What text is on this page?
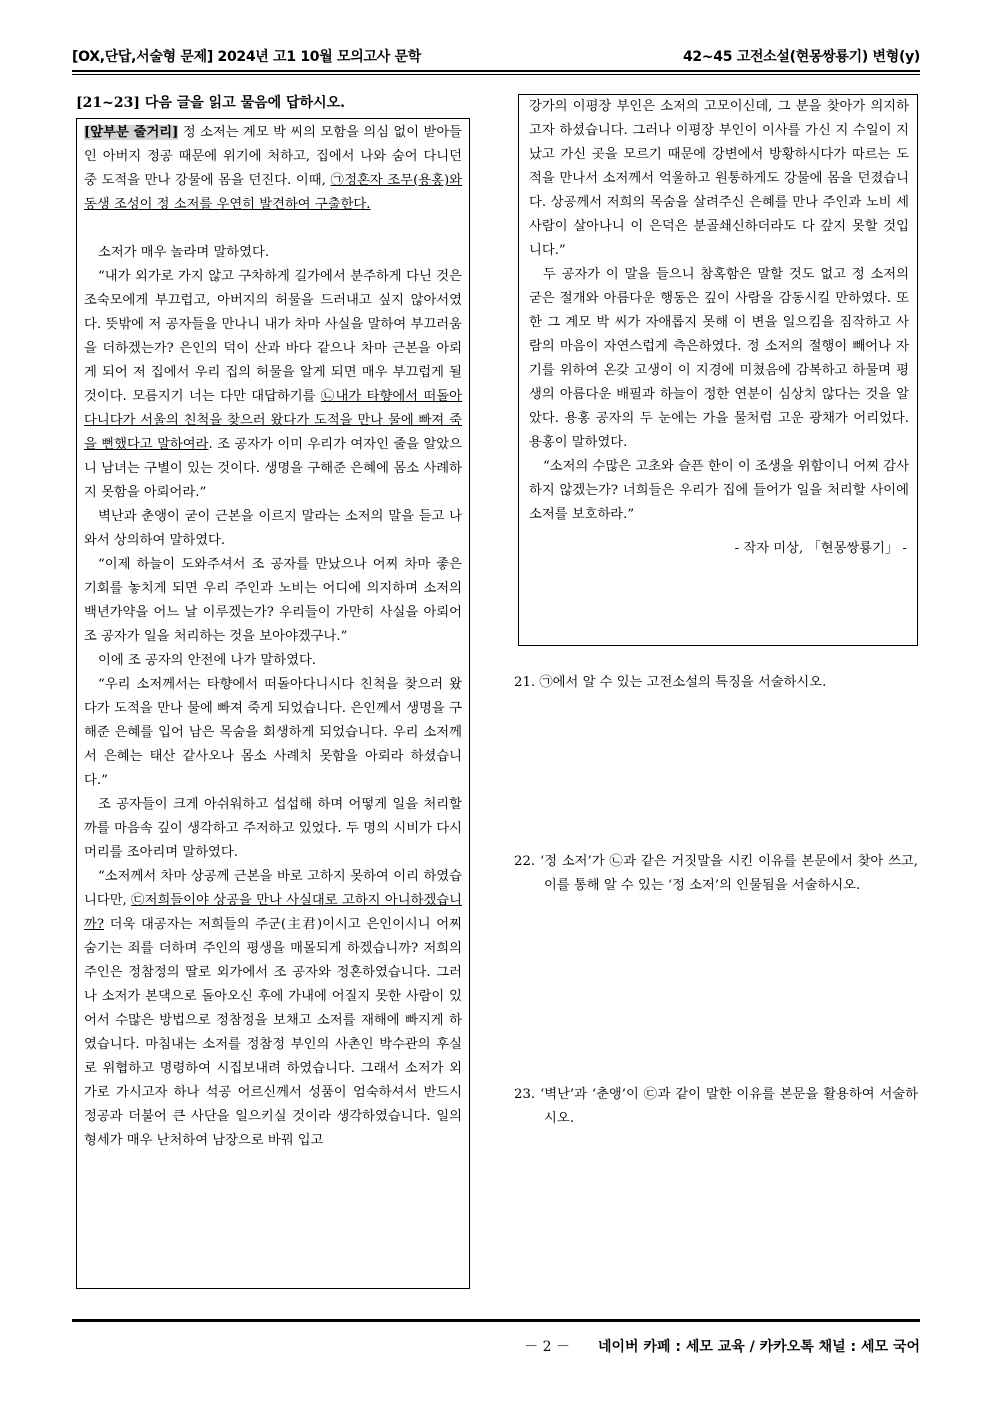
[OX,단답,서술형 문제] 2024년 고1 10월 모의고사 문학	42~45 고전소설(현몽쌍룡기) 변형(y)
[21~23] 다음 글을 읽고 물음에 답하시오.

[앞부분 줄거리] 정 소저는 계모 박 씨의 모함을 의심 없이 받아들인 아버지 정공 때문에 위기에 처하고, 집에서 나와 숨어 다니던 중 도적을 만나 강물에 몸을 던진다. 이때, ㉠정혼자 조무(용홍)와 동생 조성이 정 소저를 우연히 발견하여 구출한다.

소저가 매우 놀라며 말하였다.

“내가 외가로 가지 않고 구차하게 길가에서 분주하게 다닌 것은 조숙모에게 부끄럽고, 아버지의 허물을 드러내고 싶지 않아서였다. 뜻밖에 저 공자들을 만나니 내가 차마 사실을 말하여 부끄러움을 더하겠는가? 은인의 덕이 산과 바다 같으나 차마 근본을 아뢰게 되어 저 집에서 우리 집의 허물을 알게 되면 매우 부끄럽게 될 것이다. 모름지기 너는 다만 대답하기를 ㉡내가 타향에서 떠돌아다니다가 서울의 친척을 찾으러 왔다가 도적을 만나 물에 빠져 죽을 뻔했다고 말하여라. 조 공자가 이미 우리가 여자인 줄을 알았으니 남녀는 구별이 있는 것이다. 생명을 구해준 은혜에 몸소 사례하지 못함을 아뢰어라.”

벽난과 춘앵이 굳이 근본을 이르지 말라는 소저의 말을 듣고 나와서 상의하여 말하였다.

“이제 하늘이 도와주셔서 조 공자를 만났으나 어찌 차마 좋은 기회를 놓치게 되면 우리 주인과 노비는 어디에 의지하며 소저의 백년가약을 어느 날 이루겠는가? 우리들이 가만히 사실을 아뢰어 조 공자가 일을 처리하는 것을 보아야겠구나.”

이에 조 공자의 안전에 나가 말하였다.

“우리 소저께서는 타향에서 떠돌아다니시다 친척을 찾으러 왔다가 도적을 만나 물에 빠져 죽게 되었습니다. 은인께서 생명을 구해준 은혜를 입어 남은 목숨을 회생하게 되었습니다. 우리 소저께서 은혜는 태산 같사오나 몸소 사례치 못함을 아뢰라 하셨습니다.”

조 공자들이 크게 아쉬워하고 섭섭해 하며 어떻게 일을 처리할까를 마음속 깊이 생각하고 주저하고 있었다. 두 명의 시비가 다시 머리를 조아리며 말하였다.

“소저께서 차마 상공께 근본을 바로 고하지 못하여 이리 하였습니다만, ㉢저희들이야 상공을 만나 사실대로 고하지 아니하겠습니까? 더욱 대공자는 저희들의 주군(主君)이시고 은인이시니 어찌 숨기는 죄를 더하며 주인의 평생을 매몰되게 하겠습니까? 저희의 주인은 정참정의 딸로 외가에서 조 공자와 정혼하였습니다. 그러나 소저가 본댁으로 돌아오신 후에 가내에 어질지 못한 사람이 있어서 수많은 방법으로 정참정을 보채고 소저를 재해에 빠지게 하였습니다. 마침내는 소저를 정참정 부인의 사촌인 박수관의 후실로 위협하고 명령하여 시집보내려 하였습니다. 그래서 소저가 외가로 가시고자 하나 석공 어르신께서 성품이 엄숙하셔서 반드시 정공과 더불어 큰 사단을 일으키실 것이라 생각하였습니다. 일의 형세가 매우 난처하여 남장으로 바꿔 입고

강가의 이평장 부인은 소저의 고모이신데, 그 분을 찾아가 의지하고자 하셨습니다. 그러나 이평장 부인이 이사를 가신 지 수일이 지났고 가신 곳을 모르기 때문에 강변에서 방황하시다가 따르는 도적을 만나서 소저께서 억울하고 원통하게도 강물에 몸을 던졌습니다. 상공께서 저희의 목숨을 살려주신 은혜를 만나 주인과 노비 세 사람이 살아나니 이 은덕은 분골쇄신하더라도 다 갚지 못할 것입니다.”

두 공자가 이 말을 들으니 참혹함은 말할 것도 없고 정 소저의 굳은 절개와 아름다운 행동은 깊이 사람을 감동시킬 만하였다. 또한 그 계모 박 씨가 자애롭지 못해 이 변을 일으킴을 짐작하고 사람의 마음이 자연스럽게 측은하였다. 정 소저의 절행이 빼어나 자기를 위하여 온갖 고생이 이 지경에 미쳤음에 감복하고 하물며 평생의 아름다운 배필과 하늘이 정한 연분이 심상치 않다는 것을 알았다. 용홍 공자의 두 눈에는 가을 물처럼 고운 광채가 어리었다. 용홍이 말하였다.

“소저의 수많은 고초와 슬픈 한이 이 조생을 위함이니 어찌 감사하지 않겠는가? 너희들은 우리가 집에 들어가 일을 처리할 사이에 소저를 보호하라.”

- 작자 미상, 「현몽쌍룡기」 -

21. ㉠에서 알 수 있는 고전소설의 특징을 서술하시오.
22. ‘정 소저’가 ㉡과 같은 거짓말을 시킨 이유를 본문에서 찾아 쓰고, 이를 통해 알 수 있는 ‘정 소저’의 인물됨을 서술하시오.
23. ‘벽난’과 ‘춘앵’이 ㉢과 같이 말한 이유를 본문을 활용하여 서술하시오.
－ 2 － 네이버 카페 : 세모 교육 / 카카오톡 채널 : 세모 국어
